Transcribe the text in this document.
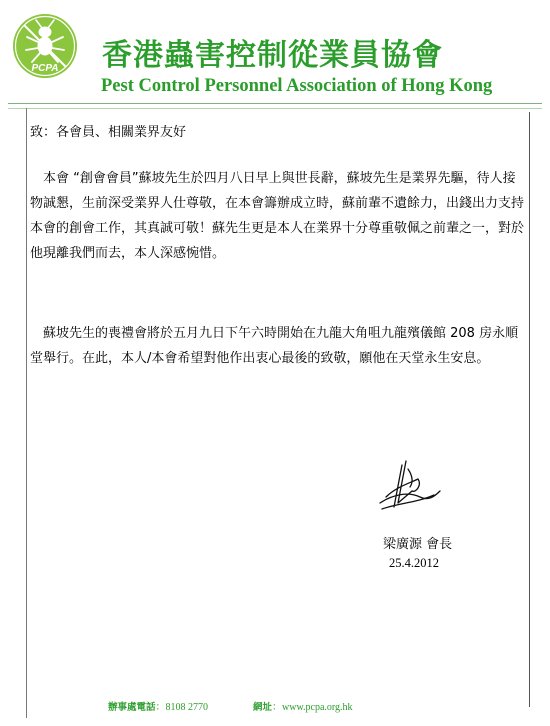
PCPA 香港蟲害控制從業員協會
Pest Control Personnel Association of Hong Kong
致：各會員、相關業界友好

本會 “創會會員”蘇坡先生於四月八日早上與世長辭，蘇坡先生是業界先驅，待人接
物誠懇，生前深受業界人仕尊敬，在本會籌辦成立時，蘇前輩不遺餘力，出錢出力支持
本會的創會工作，其真誠可敬！蘇先生更是本人在業界十分尊重敬佩之前輩之一，對於
他現離我們而去，本人深感惋惜。

蘇坡先生的喪禮會將於五月九日下午六時開始在九龍大角咀九龍殯儀館 208 房永順
堂舉行。在此，本人/本會希望對他作出衷心最後的致敬，願他在天堂永生安息。

梁廣源 會長
25.4.2012
辦事處電話：8108 2770	網址：www.pcpa.org.hk
